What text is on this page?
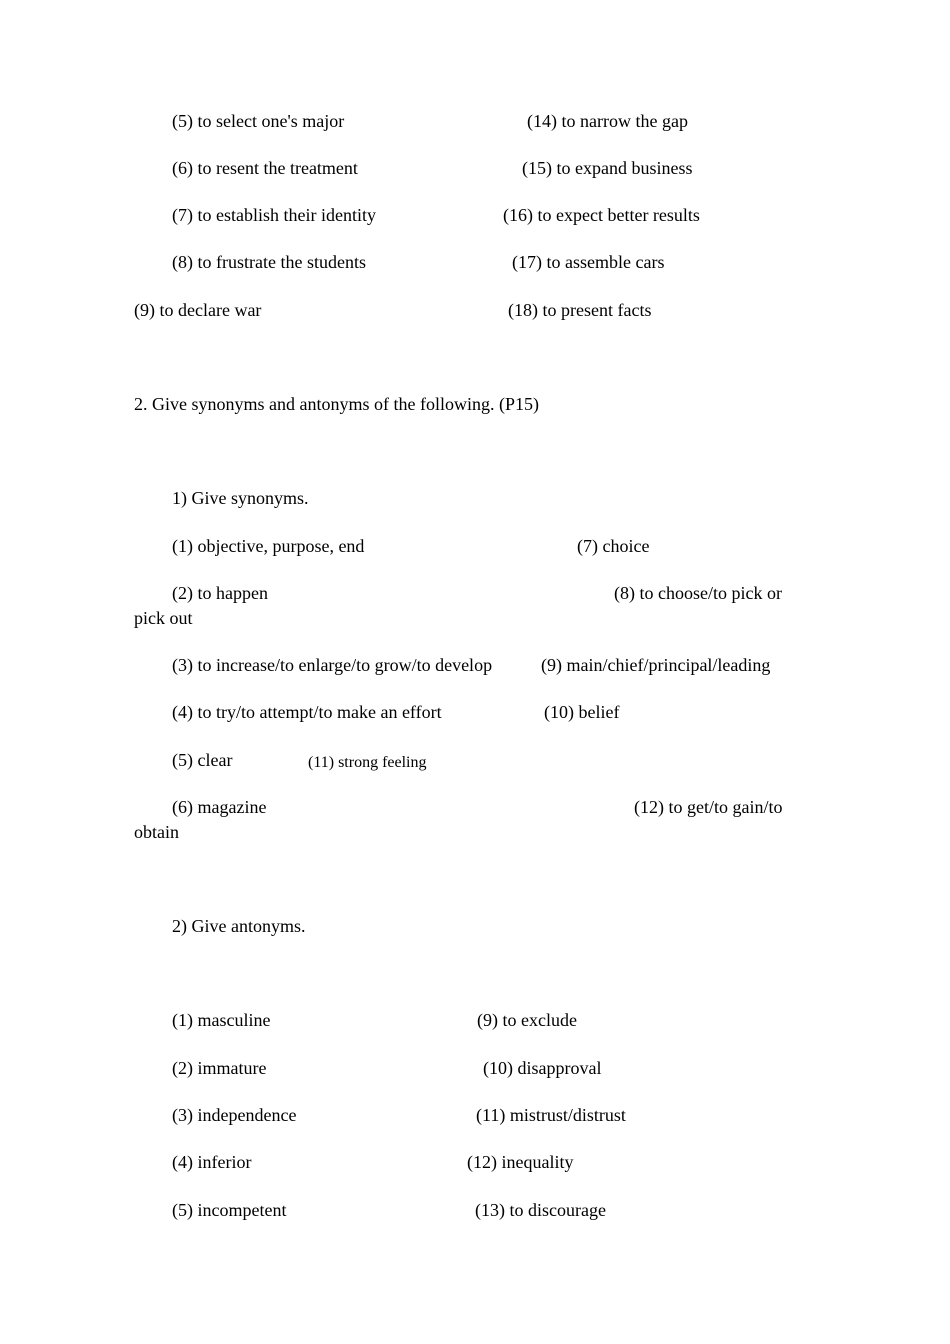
(5) to select one's major	(14) to narrow the gap
(6) to resent the treatment	(15) to expand business
(7) to establish their identity	(16) to expect better results
(8) to frustrate the students	(17) to assemble cars
(9) to declare war	(18) to present facts
2. Give synonyms and antonyms of the following. (P15)
1) Give synonyms.
(1) objective, purpose, end	(7) choice
(2) to happen	(8) to choose/to pick or
pick out
(3) to increase/to enlarge/to grow/to develop	(9) main/chief/principal/leading
(4) to try/to attempt/to make an effort	(10) belief
(5) clear	(11) strong feeling
(6) magazine	(12) to get/to gain/to
obtain
2) Give antonyms.
(1) masculine	(9) to exclude
(2) immature	(10) disapproval
(3) independence	(11) mistrust/distrust
(4) inferior	(12) inequality
(5) incompetent	(13) to discourage
